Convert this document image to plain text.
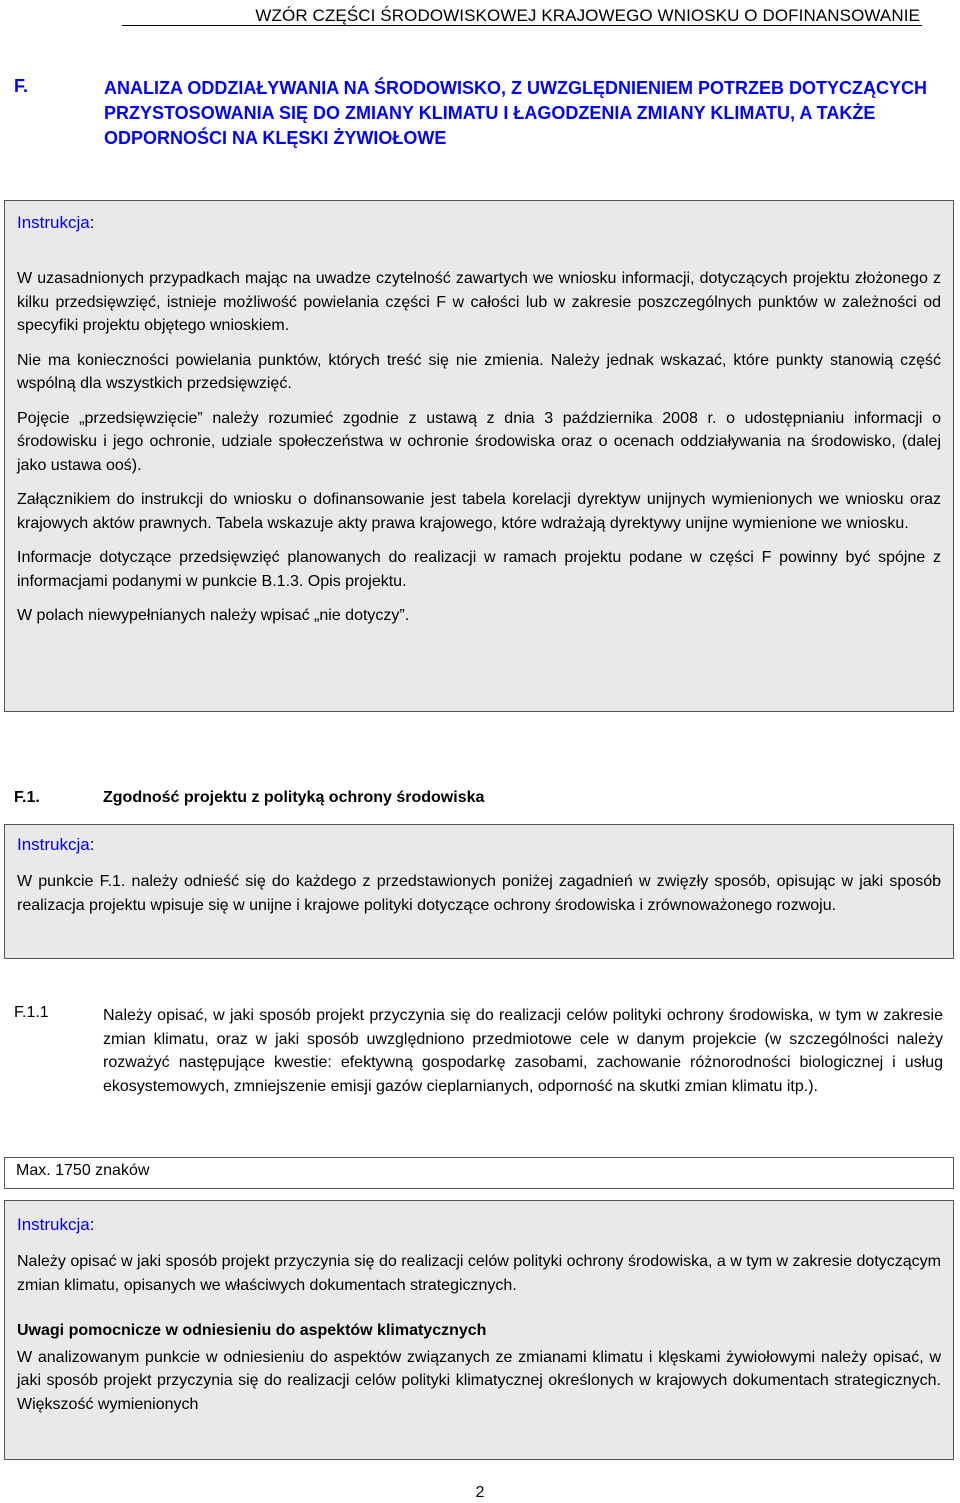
WZÓR CZĘŚCI ŚRODOWISKOWEJ KRAJOWEGO WNIOSKU O DOFINANSOWANIE
F.	ANALIZA ODDZIAŁYWANIA NA ŚRODOWISKO, Z UWZGLĘDNIENIEM POTRZEB DOTYCZĄCYCH PRZYSTOSOWANIA SIĘ DO ZMIANY KLIMATU I ŁAGODZENIA ZMIANY KLIMATU, A TAKŻE ODPORNOŚCI NA KLĘSKI ŻYWIOŁOWE
Instrukcja:

W uzasadnionych przypadkach mając na uwadze czytelność zawartych we wniosku informacji, dotyczących projektu złożonego z kilku przedsięwzięć, istnieje możliwość powielania części F w całości lub w zakresie poszczególnych punktów w zależności od specyfiki projektu objętego wnioskiem.

Nie ma konieczności powielania punktów, których treść się nie zmienia. Należy jednak wskazać, które punkty stanowią część wspólną dla wszystkich przedsięwzięć.

Pojęcie „przedsięwzięcie” należy rozumieć zgodnie z ustawą z dnia 3 października 2008 r. o udostępnianiu informacji o środowisku i jego ochronie, udziale społeczeństwa w ochronie środowiska oraz o ocenach oddziaływania na środowisko, (dalej jako ustawa ooś).

Załącznikiem do instrukcji do wniosku o dofinansowanie jest tabela korelacji dyrektyw unijnych wymienionych we wniosku oraz krajowych aktów prawnych. Tabela wskazuje akty prawa krajowego, które wdrażają dyrektywy unijne wymienione we wniosku.

Informacje dotyczące przedsięwzięć planowanych do realizacji w ramach projektu podane w części F powinny być spójne z informacjami podanymi w punkcie B.1.3. Opis projektu.

W polach niewypełnianych należy wpisać „nie dotyczy”.

F.1.	Zgodność projektu z polityką ochrony środowiska
Instrukcja:
W punkcie F.1. należy odnieść się do każdego z przedstawionych poniżej zagadnień w zwięzły sposób, opisując w jaki sposób realizacja projektu wpisuje się w unijne i krajowe polityki dotyczące ochrony środowiska i zrównoważonego rozwoju.
F.1.1	Należy opisać, w jaki sposób projekt przyczynia się do realizacji celów polityki ochrony środowiska, w tym w zakresie zmian klimatu, oraz w jaki sposób uwzględniono przedmiotowe cele w danym projekcie (w szczególności należy rozważyć następujące kwestie: efektywną gospodarkę zasobami, zachowanie różnorodności biologicznej i usług ekosystemowych, zmniejszenie emisji gazów cieplarnianych, odporność na skutki zmian klimatu itp.).
Max. 1750 znaków
Instrukcja:
Należy opisać w jaki sposób projekt przyczynia się do realizacji celów polityki ochrony środowiska, a w tym w zakresie dotyczącym zmian klimatu, opisanych we właściwych dokumentach strategicznych.
Uwagi pomocnicze w odniesieniu do aspektów klimatycznych
W analizowanym punkcie w odniesieniu do aspektów związanych ze zmianami klimatu i klęskami żywiołowymi należy opisać, w jaki sposób projekt przyczynia się do realizacji celów polityki klimatycznej określonych w krajowych dokumentach strategicznych. Większość wymienionych
2
